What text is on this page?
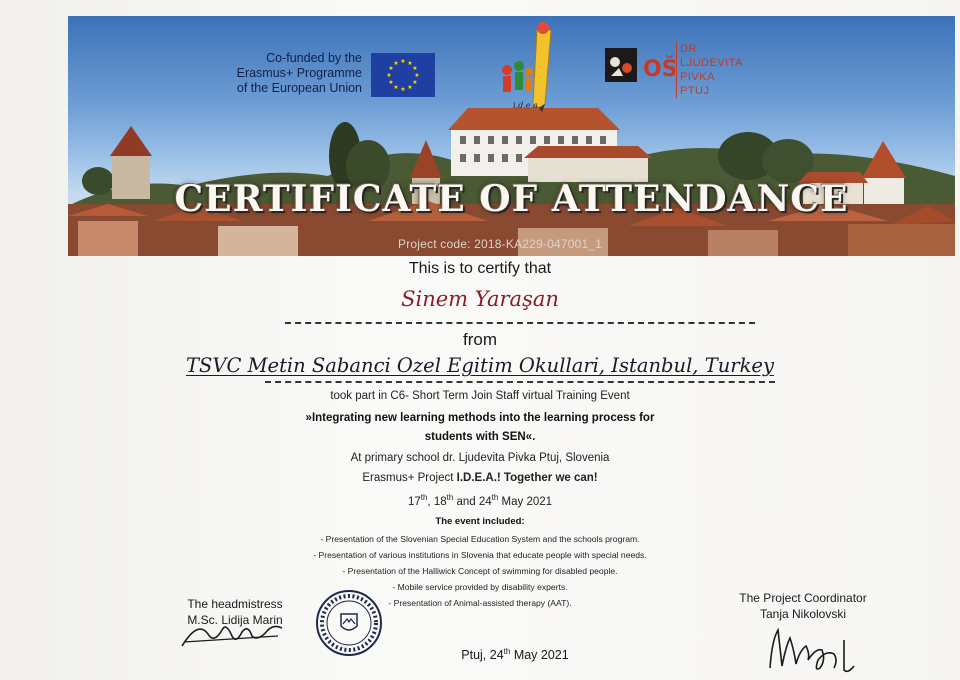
Co-funded by the
Erasmus+ Programme
of the European Union
★ ★
★
★
★
★
★
★
★
★
★
★
i.d.e.a.
OŠ
DR.
LJUDEVITA
PIVKA
PTUJ
CERTIFICATE OF ATTENDANCE
Project code: 2018-KA229-047001_1
This is to certify that
Sinem Yaraşan
from
TSVC Metin Sabanci Ozel Egitim Okullari, Istanbul, Turkey
took part in C6- Short Term Join Staff virtual Training Event
»Integrating new learning methods into the learning process for
students with SEN«.
At primary school dr. Ljudevita Pivka Ptuj, Slovenia
Erasmus+ Project I.D.E.A.! Together we can!
17th, 18th and 24th May 2021
The event included:
- Presentation of the Slovenian Special Education System and the schools program.
- Presentation of various institutions in Slovenia that educate people with special needs.
- Presentation of the Halliwick Concept of swimming for disabled people.
- Mobile service provided by disability experts.
- Presentation of Animal-assisted therapy (AAT).
The headmistress
M.Sc. Lidija Marin
The Project Coordinator
Tanja Nikolovski
Ptuj, 24th May 2021
